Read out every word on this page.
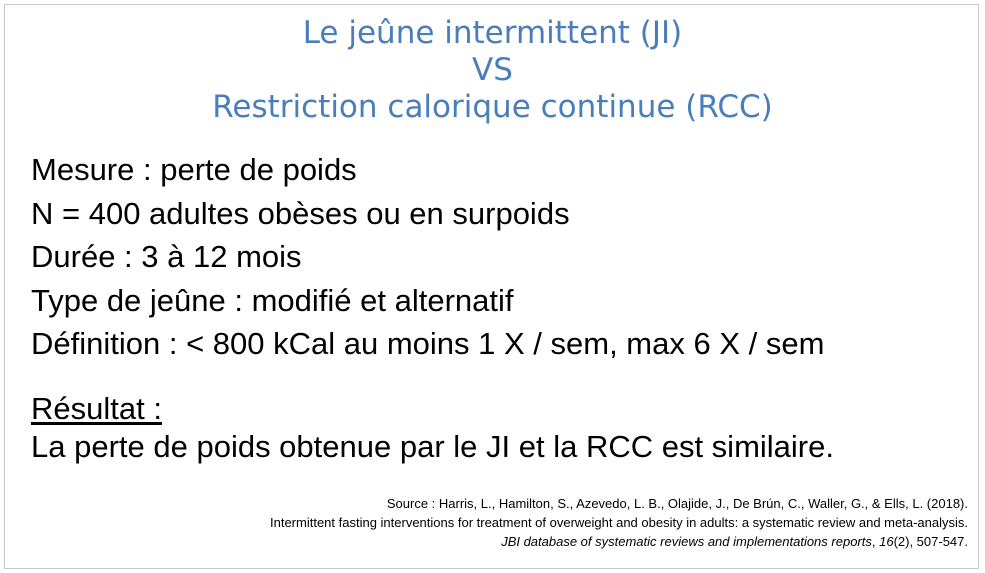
Le jeûne intermittent (JI)
VS
Restriction calorique continue (RCC)
Mesure : perte de poids
N = 400 adultes obèses ou en surpoids
Durée : 3 à 12 mois
Type de jeûne : modifié et alternatif
Définition : < 800 kCal au moins 1 X / sem, max 6 X / sem
Résultat :
La perte de poids obtenue par le JI et la RCC est similaire.
Source : Harris, L., Hamilton, S., Azevedo, L. B., Olajide, J., De Brún, C., Waller, G., & Ells, L. (2018).
Intermittent fasting interventions for treatment of overweight and obesity in adults: a systematic review and meta-analysis.
JBI database of systematic reviews and implementations reports, 16(2), 507-547.
